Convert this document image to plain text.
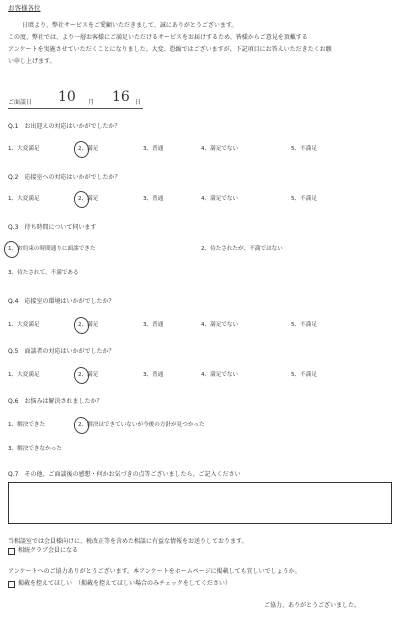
お客様各位
日頃より、弊社サービスをご愛顧いただきまして、誠にありがとうございます。
この度、弊社では、より一層お客様にご満足いただけるサービスをお届けするため、皆様からご意見を頂戴する
アンケートを実施させていただくことになりました。大変、恐縮ではございますが、下記項目にお答えいただきたくお願
い申し上げます。
ご面談日 10 月 16 日
Q.1　お出迎えの対応はいかがでしたか？
1、大変満足	2、満足	3、普通	4、満足でない	5、不満足
Q.2　応接室への対応はいかがでしたか？
1、大変満足	2、満足	3、普通	4、満足でない	5、不満足
Q.3　待ち時間について伺います
1、お約束の時間通りに面談できた	2、待たされたが、不満ではない
3、待たされて、不満である
Q.4　応接室の環境はいかがでしたか？
1、大変満足	2、満足	3、普通	4、満足でない	5、不満足
Q.5　面談者の対応はいかがでしたか？
1、大変満足	2、満足	3、普通	4、満足でない	5、不満足
Q.6　お悩みは解決されましたか？
1、解決できた	2、解決はできていないが今後の方針が見つかった
3、解決できなかった
Q.7　その他、ご面談後の感想・何かお気づきの点等ございましたら、ご記入ください
当相談室では会員様向けに、税改正等を含めた相談に有益な情報をお送りしております。
相続クラブ会員になる
アンケートへのご協力ありがとうございます。本アンケートをホームページに掲載しても宜しいでしょうか。
掲載を控えてほしい　（掲載を控えてほしい場合のみチェックをしてください）
ご協力、ありがとうございました。
